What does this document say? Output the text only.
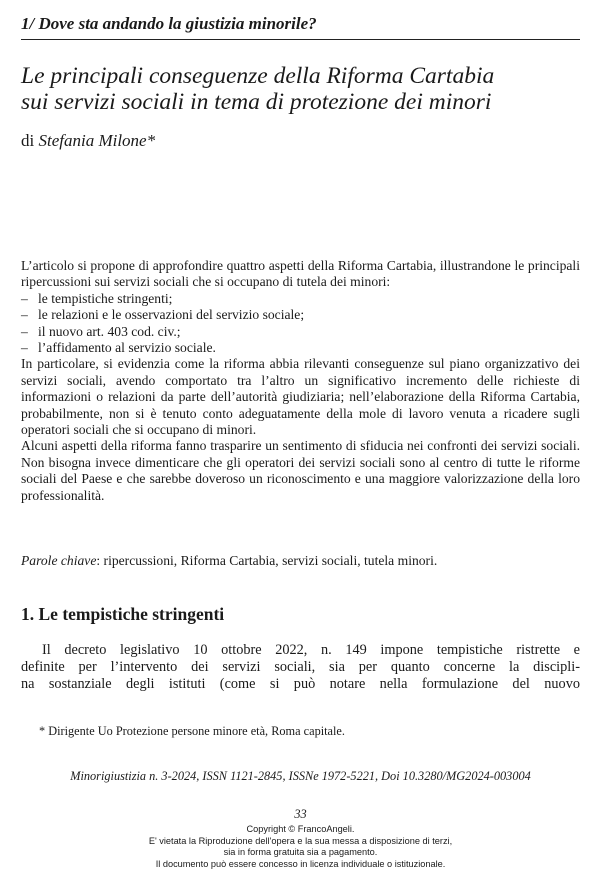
1/ Dove sta andando la giustizia minorile?
Le principali conseguenze della Riforma Cartabia
sui servizi sociali in tema di protezione dei minori
di Stefania Milone*

L’articolo si propone di approfondire quattro aspetti della Riforma Cartabia, illustrandone le principali ripercussioni sui servizi sociali che si occupano di tutela dei minori:

– le tempistiche stringenti;
– le relazioni e le osservazioni del servizio sociale;
– il nuovo art. 403 cod. civ.;
– l’affidamento al servizio sociale.

In particolare, si evidenzia come la riforma abbia rilevanti conseguenze sul piano organizzativo dei servizi sociali, avendo comportato tra l’altro un significativo incremento delle richieste di informazioni o relazioni da parte dell’autorità giudiziaria; nell’elaborazione della Riforma Cartabia, probabilmente, non si è tenuto conto adeguatamente della mole di lavoro venuta a ricadere sugli operatori sociali che si occupano di minori.

Alcuni aspetti della riforma fanno trasparire un sentimento di sfiducia nei confronti dei servizi sociali. Non bisogna invece dimenticare che gli operatori dei servizi sociali sono al centro di tutte le riforme sociali del Paese e che sarebbe doveroso un riconoscimento e una maggiore valorizzazione della loro professionalità.

Parole chiave: ripercussioni, Riforma Cartabia, servizi sociali, tutela minori.
1. Le tempistiche stringenti

Il decreto legislativo 10 ottobre 2022, n. 149 impone tempistiche ristrette e
definite per l’intervento dei servizi sociali, sia per quanto concerne la discipli-
na sostanziale degli istituti (come si può notare nella formulazione del nuovo

* Dirigente Uo Protezione persone minore età, Roma capitale.
Minorigiustizia n. 3-2024, ISSN 1121-2845, ISSNe 1972-5221, Doi 10.3280/MG2024-003004
33
Copyright © FrancoAngeli.
E' vietata la Riproduzione dell'opera e la sua messa a disposizione di terzi,
sia in forma gratuita sia a pagamento.
Il documento può essere concesso in licenza individuale o istituzionale.
